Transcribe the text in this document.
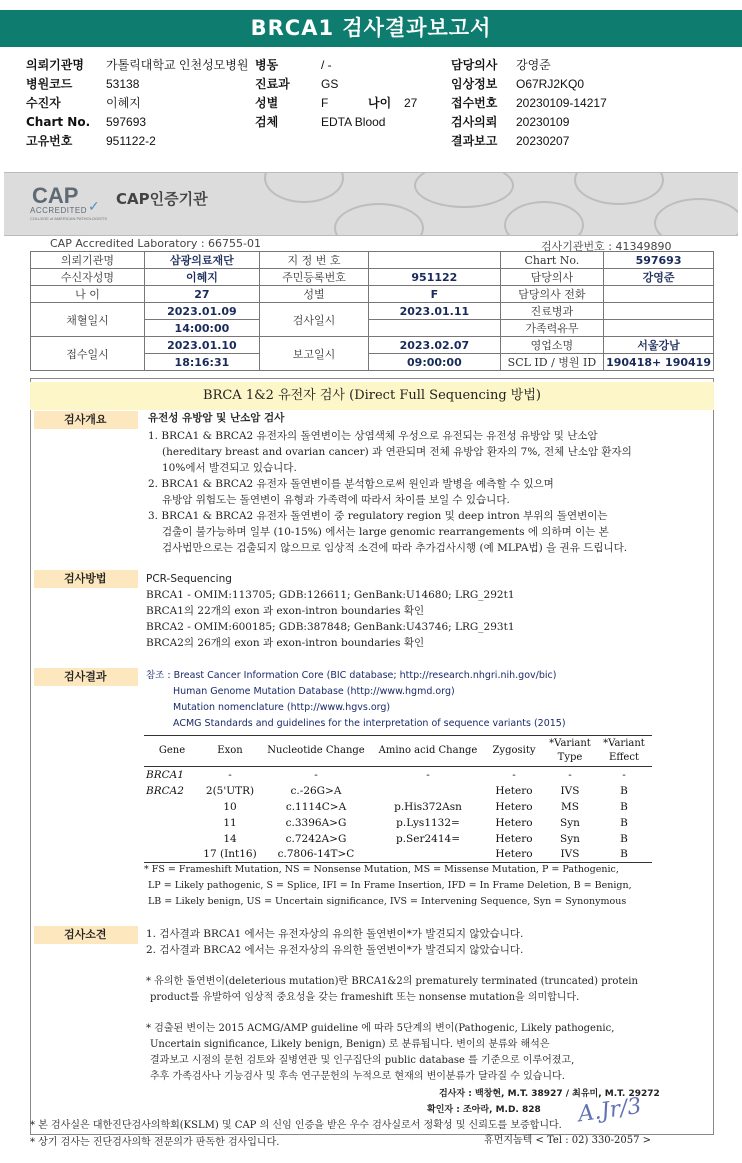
BRCA1 검사결과보고서
의뢰기관명 가톨릭대학교 인천성모병원
병원코드	53138
수진자	이혜지
Chart No. 597693
고유번호	951122-2
병동	/ -
진료과	GS
성별	F
검체	EDTA Blood
나이 27
담당의사 강영준
임상정보 O67RJ2KQ0
접수번호 20230109-14217
검사의뢰 20230109
결과보고 20230207
CAP
ACCREDITED
COLLEGE of AMERICAN PATHOLOGISTS
✓ CAP인증기관
CAP Accredited Laboratory : 66755-01	검사기관번호 : 41349890
의뢰기관명	삼광의료재단	지 정 번 호		Chart No.	597693
수신자성명	이혜지	주민등록번호	951122	담당의사	강영준
나 이	27	성별	F	담당의사 전화	
채혈일시	2023.01.09	검사일시	2023.01.11	진료병과	
	14:00:00			가족력유무	
접수일시	2023.01.10	보고일시	2023.02.07	영업소명	서울강남
	18:16:31		09:00:00	SCL ID / 병원 ID	190418+ 190419
BRCA 1&2 유전자 검사 (Direct Full Sequencing 방법)
검사개요	유전성 유방암 및 난소암 검사
1. BRCA1 & BRCA2 유전자의 돌연변이는 상염색체 우성으로 유전되는 유전성 유방암 및 난소암
(hereditary breast and ovarian cancer) 과 연관되며 전체 유방암 환자의 7%, 전체 난소암 환자의
10%에서 발견되고 있습니다.
2. BRCA1 & BRCA2 유전자 돌연변이를 분석함으로써 원인과 발병을 예측할 수 있으며
유방암 위험도는 돌연변이 유형과 가족력에 따라서 차이를 보일 수 있습니다.
3. BRCA1 & BRCA2 유전자 돌연변이 중 regulatory region 및 deep intron 부위의 돌연변이는
검출이 불가능하며 일부 (10-15%) 에서는 large genomic rearrangements 에 의하며 이는 본
검사법만으로는 검출되지 않으므로 임상적 소견에 따라 추가검사시행 (예 MLPA법) 을 권유 드립니다.
검사방법	PCR-Sequencing
BRCA1 - OMIM:113705; GDB:126611; GenBank:U14680; LRG_292t1
BRCA1의 22개의 exon 과 exon-intron boundaries 확인
BRCA2 - OMIM:600185; GDB:387848; GenBank:U43746; LRG_293t1
BRCA2의 26개의 exon 과 exon-intron boundaries 확인
검사결과	참조 : Breast Cancer Information Core (BIC database; http://research.nhgri.nih.gov/bic)
Human Genome Mutation Database (http://www.hgmd.org)
Mutation nomenclature (http://www.hgvs.org)
ACMG Standards and guidelines for the interpretation of sequence variants (2015)
Gene	Exon	Nucleotide Change	Amino acid Change	Zygosity	*Variant Type	*Variant Effect
BRCA1	-	-	-	-	-	-
BRCA2	2(5'UTR)	c.-26G>A		Hetero	IVS	B
	10	c.1114C>A	p.His372Asn	Hetero	MS	B
	11	c.3396A>G	p.Lys1132=	Hetero	Syn	B
	14	c.7242A>G	p.Ser2414=	Hetero	Syn	B
	17 (Int16)	c.7806-14T>C		Hetero	IVS	B
* FS = Frameshift Mutation, NS = Nonsense Mutation, MS = Missense Mutation, P = Pathogenic,
LP = Likely pathogenic, S = Splice, IFI = In Frame Insertion, IFD = In Frame Deletion, B = Benign,
LB = Likely benign, US = Uncertain significance, IVS = Intervening Sequence, Syn = Synonymous
검사소견	1. 검사결과 BRCA1 에서는 유전자상의 유의한 돌연변이*가 발견되지 않았습니다.
2. 검사결과 BRCA2 에서는 유전자상의 유의한 돌연변이*가 발견되지 않았습니다.
* 유의한 돌연변이(deleterious mutation)란 BRCA1&2의 prematurely terminated (truncated) protein
product를 유발하여 임상적 중요성을 갖는 frameshift 또는 nonsense mutation을 의미합니다.
* 검출된 변이는 2015 ACMG/AMP guideline 에 따라 5단계의 변이(Pathogenic, Likely pathogenic,
Uncertain significance, Likely benign, Benign) 로 분류됩니다. 변이의 분류와 해석은
결과보고 시점의 문헌 검토와 질병연관 및 인구집단의 public database 를 기준으로 이루어졌고,
추후 가족검사나 기능검사 및 후속 연구문헌의 누적으로 현재의 변이분류가 달라질 수 있습니다.
검사자 : 백창현, M.T. 38927 / 최유미, M.T. 29272
확인자 : 조아라, M.D. 828 A.Jr/3
* 본 검사실은 대한진단검사의학회(KSLM) 및 CAP 의 신임 인증을 받은 우수 검사실로서 정확성 및 신뢰도를 보증합니다.
* 상기 검사는 진단검사의학 전문의가 판독한 검사입니다.	휴먼지놈텍 < Tel : 02) 330-2057 >
